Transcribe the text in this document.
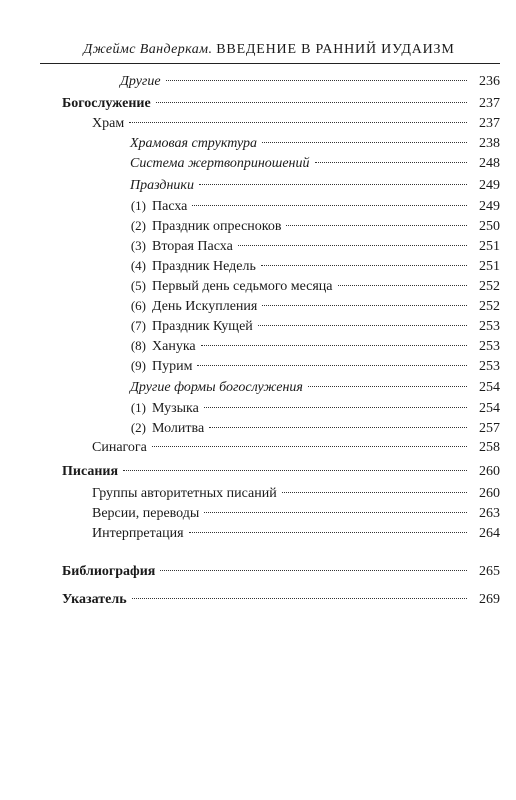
Джеймс Вандеркам. ВВЕДЕНИЕ В РАННИЙ ИУДАИЗМ
Другие	236
Богослужение	237
Храм	237
Храмовая структура	238
Система жертвоприношений	248
Праздники	249
(1) Пасха	249
(2) Праздник опресноков	250
(3) Вторая Пасха	251
(4) Праздник Недель	251
(5) Первый день седьмого месяца	252
(6) День Искупления	252
(7) Праздник Кущей	253
(8) Ханука	253
(9) Пурим	253
Другие формы богослужения	254
(1) Музыка	254
(2) Молитва	257
Синагога	258
Писания	260
Группы авторитетных писаний	260
Версии, переводы	263
Интерпретация	264
Библиография	265
Указатель	269
